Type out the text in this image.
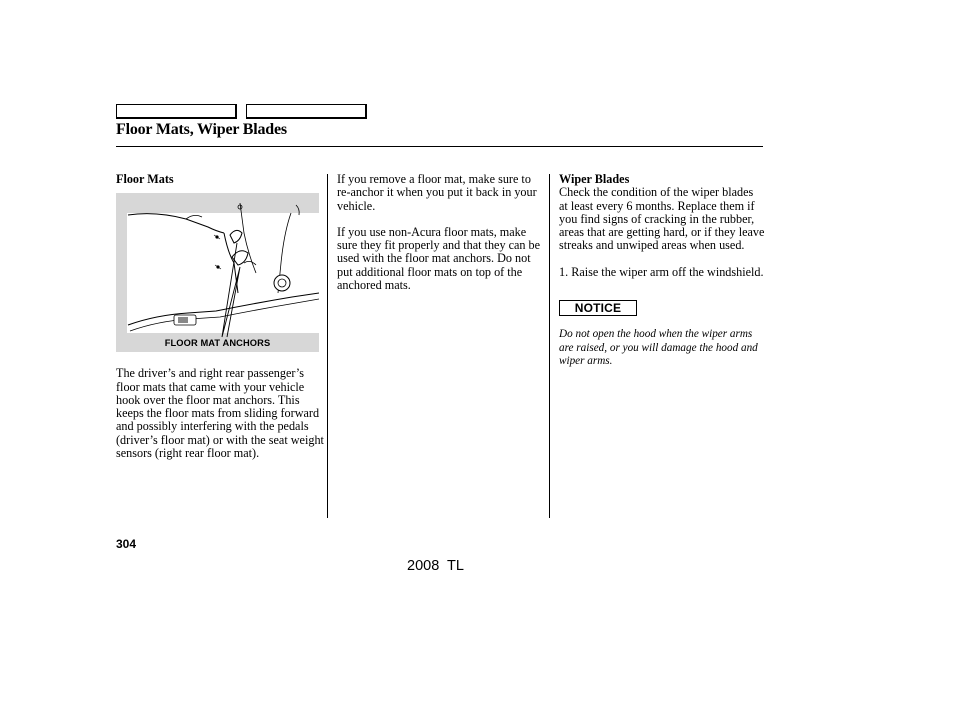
Floor Mats, Wiper Blades

Floor Mats

FLOOR MAT ANCHORS

The driver’s and right rear passenger’s floor mats that came with your vehicle hook over the floor mat anchors. This keeps the floor mats from sliding forward and possibly interfering with the pedals (driver’s floor mat) or with the seat weight sensors (right rear floor mat).

If you remove a floor mat, make sure to re-anchor it when you put it back in your vehicle.

If you use non-Acura floor mats, make sure they fit properly and that they can be used with the floor mat anchors. Do not put additional floor mats on top of the anchored mats.

Wiper Blades

Check the condition of the wiper blades at least every 6 months. Replace them if you find signs of cracking in the rubber, areas that are getting hard, or if they leave streaks and unwiped areas when used.

1. Raise the wiper arm off the windshield.

NOTICE

Do not open the hood when the wiper arms are raised, or you will damage the hood and wiper arms.

304
2008 TL
